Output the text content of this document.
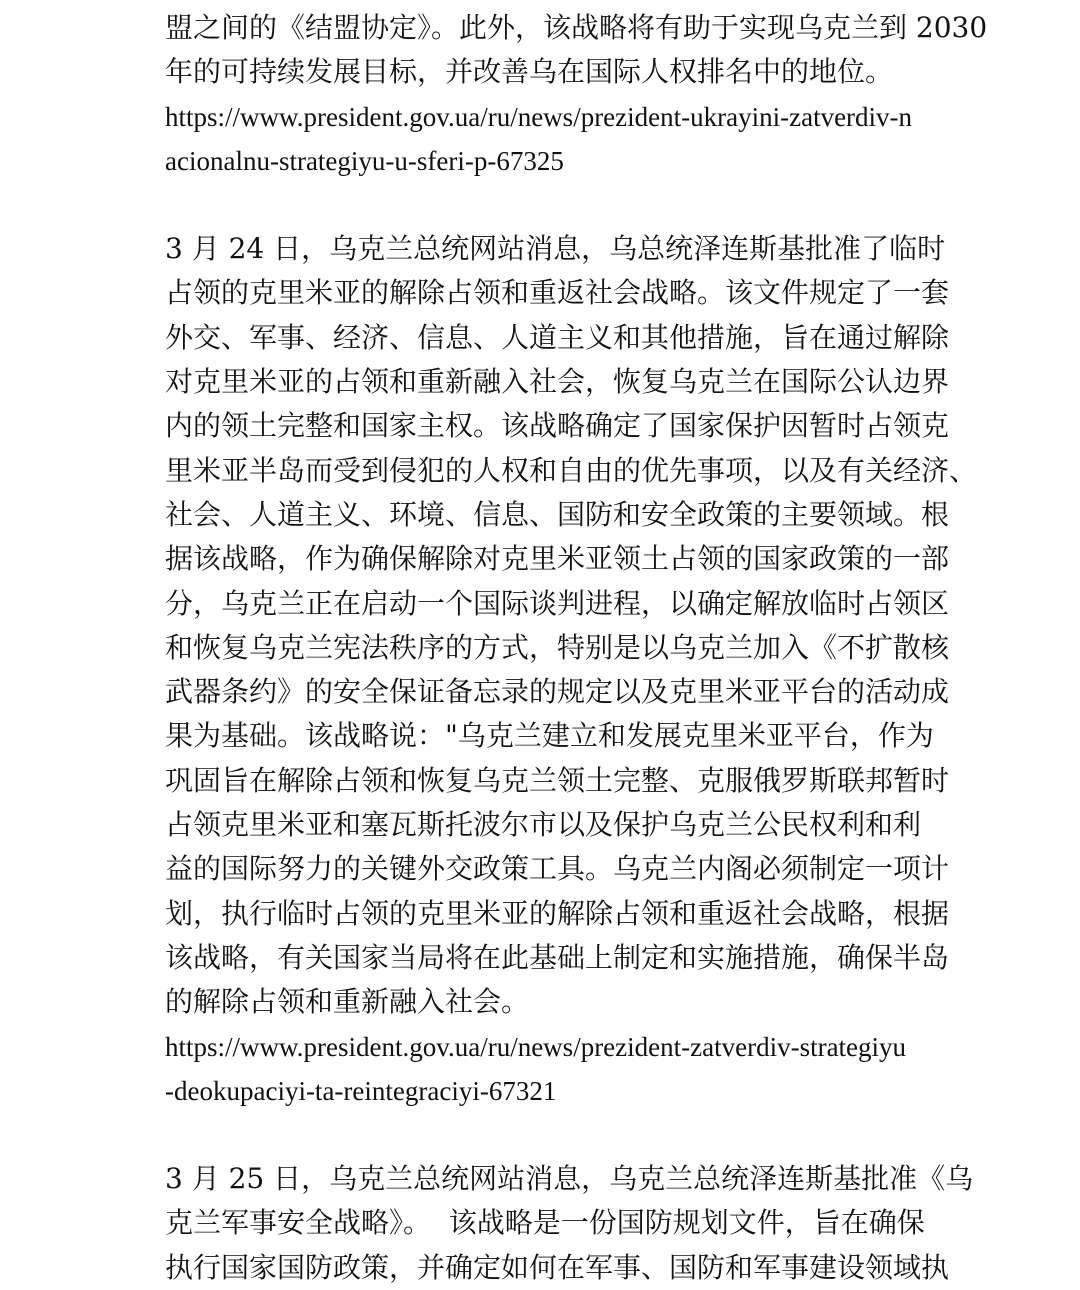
盟之间的《结盟协定》。此外，该战略将有助于实现乌克兰到 2030
年的可持续发展目标，并改善乌在国际人权排名中的地位。
https://www.president.gov.ua/ru/news/prezident-ukrayini-zatverdiv-n
acionalnu-strategiyu-u-sferi-p-67325
3 月 24 日，乌克兰总统网站消息，乌总统泽连斯基批准了临时
占领的克里米亚的解除占领和重返社会战略。该文件规定了一套
外交、军事、经济、信息、人道主义和其他措施，旨在通过解除
对克里米亚的占领和重新融入社会，恢复乌克兰在国际公认边界
内的领土完整和国家主权。该战略确定了国家保护因暂时占领克
里米亚半岛而受到侵犯的人权和自由的优先事项，以及有关经济、
社会、人道主义、环境、信息、国防和安全政策的主要领域。根
据该战略，作为确保解除对克里米亚领土占领的国家政策的一部
分，乌克兰正在启动一个国际谈判进程，以确定解放临时占领区
和恢复乌克兰宪法秩序的方式，特别是以乌克兰加入《不扩散核
武器条约》的安全保证备忘录的规定以及克里米亚平台的活动成
果为基础。该战略说："乌克兰建立和发展克里米亚平台，作为
巩固旨在解除占领和恢复乌克兰领土完整、克服俄罗斯联邦暂时
占领克里米亚和塞瓦斯托波尔市以及保护乌克兰公民权利和利
益的国际努力的关键外交政策工具。乌克兰内阁必须制定一项计
划，执行临时占领的克里米亚的解除占领和重返社会战略，根据
该战略，有关国家当局将在此基础上制定和实施措施，确保半岛
的解除占领和重新融入社会。
https://www.president.gov.ua/ru/news/prezident-zatverdiv-strategiyu
-deokupaciyi-ta-reintegraciyi-67321
3 月 25 日，乌克兰总统网站消息，乌克兰总统泽连斯基批准《乌
克兰军事安全战略》。  该战略是一份国防规划文件，旨在确保
执行国家国防政策，并确定如何在军事、国防和军事建设领域执
